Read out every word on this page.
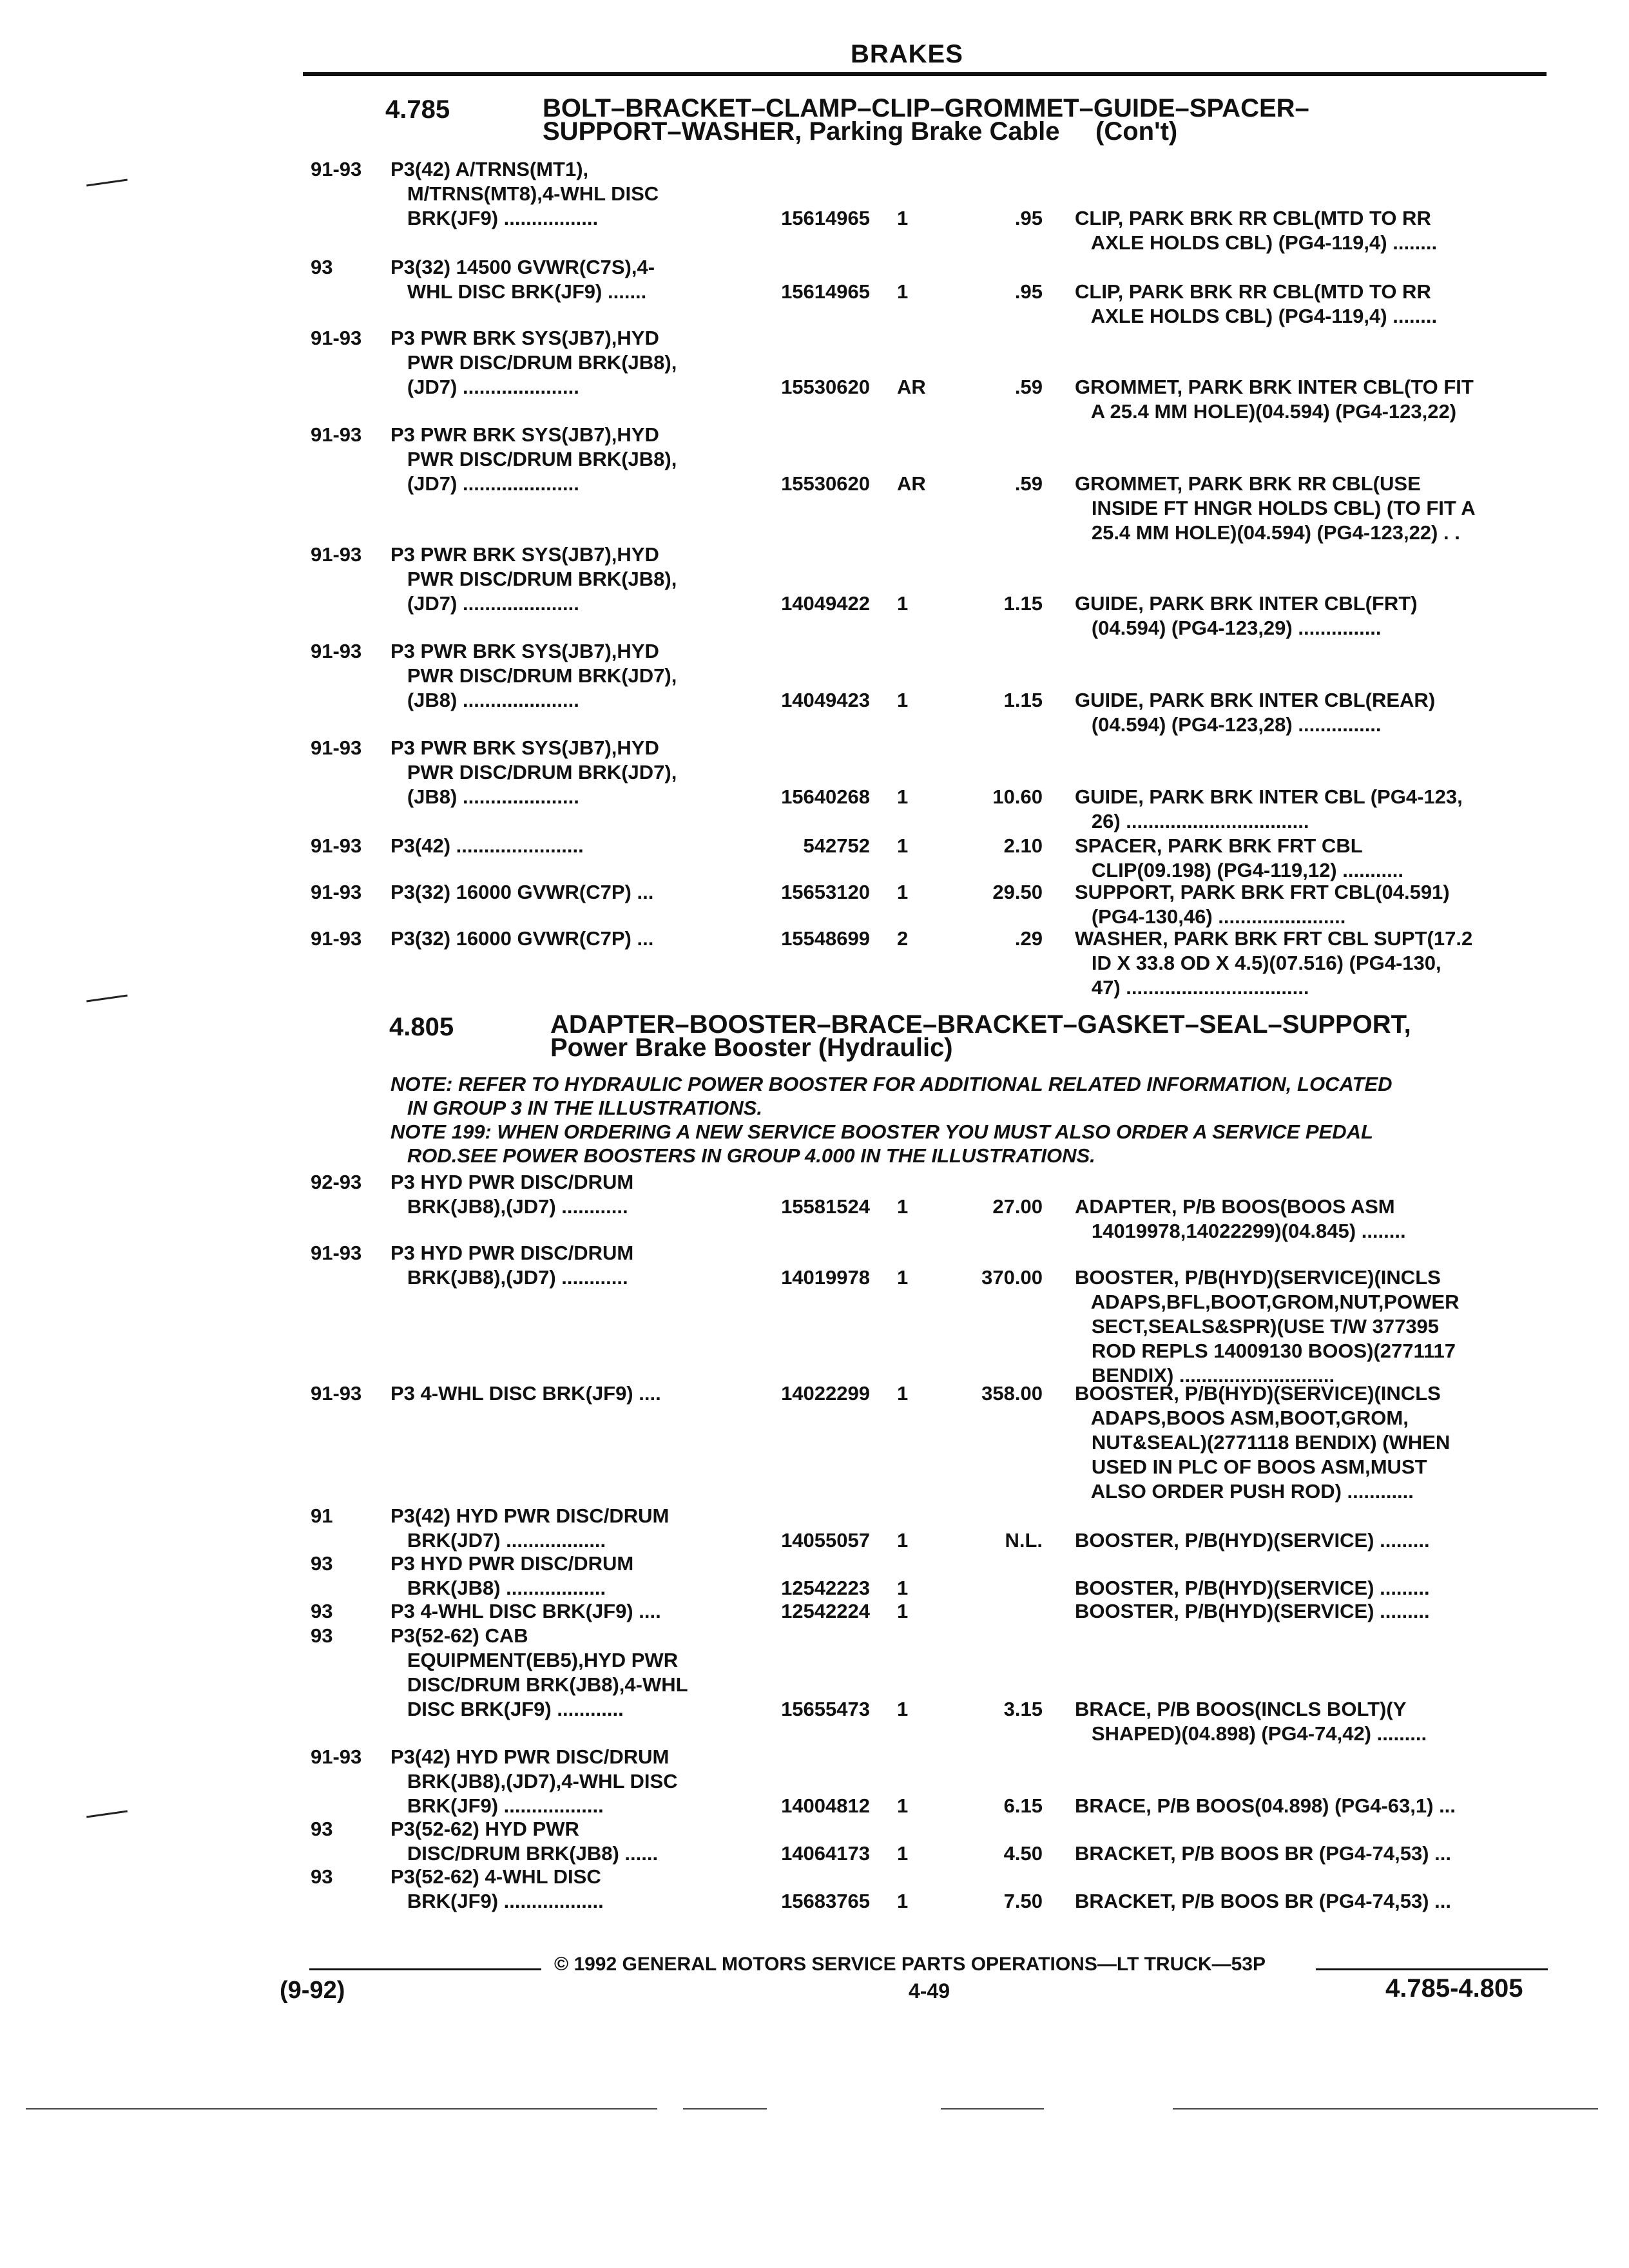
BRAKES
4.785	BOLT–BRACKET–CLAMP–CLIP–GROMMET–GUIDE–SPACER–
SUPPORT–WASHER, Parking Brake Cable     (Con't)
91-93 P3(42) A/TRNS(MT1),
M/TRNS(MT8),4-WHL DISC
BRK(JF9) .................	15614965 1	.95 CLIP, PARK BRK RR CBL(MTD TO RR
AXLE HOLDS CBL) (PG4-119,4) ........
93	P3(32) 14500 GVWR(C7S),4-
WHL DISC BRK(JF9) .......	15614965 1	.95 CLIP, PARK BRK RR CBL(MTD TO RR
AXLE HOLDS CBL) (PG4-119,4) ........
91-93 P3 PWR BRK SYS(JB7),HYD
PWR DISC/DRUM BRK(JB8),
(JD7) .....................	15530620 AR	.59 GROMMET, PARK BRK INTER CBL(TO FIT
A 25.4 MM HOLE)(04.594) (PG4-123,22)
91-93 P3 PWR BRK SYS(JB7),HYD
PWR DISC/DRUM BRK(JB8),
(JD7) .....................	15530620 AR	.59 GROMMET, PARK BRK RR CBL(USE
INSIDE FT HNGR HOLDS CBL) (TO FIT A
25.4 MM HOLE)(04.594) (PG4-123,22) . .
91-93 P3 PWR BRK SYS(JB7),HYD
PWR DISC/DRUM BRK(JB8),
(JD7) .....................	14049422 1	1.15 GUIDE, PARK BRK INTER CBL(FRT)
(04.594) (PG4-123,29) ...............
91-93 P3 PWR BRK SYS(JB7),HYD
PWR DISC/DRUM BRK(JD7),
(JB8) .....................	14049423 1	1.15 GUIDE, PARK BRK INTER CBL(REAR)
(04.594) (PG4-123,28) ...............
91-93 P3 PWR BRK SYS(JB7),HYD
PWR DISC/DRUM BRK(JD7),
(JB8) .....................	15640268 1	10.60 GUIDE, PARK BRK INTER CBL (PG4-123,
26) .................................
91-93 P3(42) .......................	542752 1	2.10 SPACER, PARK BRK FRT CBL
CLIP(09.198) (PG4-119,12) ...........
91-93 P3(32) 16000 GVWR(C7P) ...	15653120 1	29.50 SUPPORT, PARK BRK FRT CBL(04.591)
(PG4-130,46) .......................
91-93 P3(32) 16000 GVWR(C7P) ...	15548699 2	.29 WASHER, PARK BRK FRT CBL SUPT(17.2
ID X 33.8 OD X 4.5)(07.516) (PG4-130,
47) .................................
4.805	ADAPTER–BOOSTER–BRACE–BRACKET–GASKET–SEAL–SUPPORT,
Power Brake Booster (Hydraulic)
NOTE: REFER TO HYDRAULIC POWER BOOSTER FOR ADDITIONAL RELATED INFORMATION, LOCATED
IN GROUP 3 IN THE ILLUSTRATIONS.
NOTE 199: WHEN ORDERING A NEW SERVICE BOOSTER YOU MUST ALSO ORDER A SERVICE PEDAL
ROD.SEE POWER BOOSTERS IN GROUP 4.000 IN THE ILLUSTRATIONS.
92-93 P3 HYD PWR DISC/DRUM
BRK(JB8),(JD7) ............	15581524 1	27.00 ADAPTER, P/B BOOS(BOOS ASM
14019978,14022299)(04.845) ........
91-93 P3 HYD PWR DISC/DRUM
BRK(JB8),(JD7) ............	14019978 1	370.00 BOOSTER, P/B(HYD)(SERVICE)(INCLS
ADAPS,BFL,BOOT,GROM,NUT,POWER
SECT,SEALS&SPR)(USE T/W 377395
ROD REPLS 14009130 BOOS)(2771117
BENDIX) ............................
91-93 P3 4-WHL DISC BRK(JF9) ....	14022299 1	358.00 BOOSTER, P/B(HYD)(SERVICE)(INCLS
ADAPS,BOOS ASM,BOOT,GROM,
NUT&SEAL)(2771118 BENDIX) (WHEN
USED IN PLC OF BOOS ASM,MUST
ALSO ORDER PUSH ROD) ............
91	P3(42) HYD PWR DISC/DRUM
BRK(JD7) ..................	14055057 1	N.L. BOOSTER, P/B(HYD)(SERVICE) .........
93	P3 HYD PWR DISC/DRUM
BRK(JB8) ..................	12542223 1	BOOSTER, P/B(HYD)(SERVICE) .........
93	P3 4-WHL DISC BRK(JF9) ....	12542224 1	BOOSTER, P/B(HYD)(SERVICE) .........
93	P3(52-62) CAB
EQUIPMENT(EB5),HYD PWR
DISC/DRUM BRK(JB8),4-WHL
DISC BRK(JF9) ............	15655473 1	3.15 BRACE, P/B BOOS(INCLS BOLT)(Y
SHAPED)(04.898) (PG4-74,42) .........
91-93 P3(42) HYD PWR DISC/DRUM
BRK(JB8),(JD7),4-WHL DISC
BRK(JF9) ..................	14004812 1	6.15 BRACE, P/B BOOS(04.898) (PG4-63,1) ...
93	P3(52-62) HYD PWR
DISC/DRUM BRK(JB8) ......	14064173 1	4.50 BRACKET, P/B BOOS BR (PG4-74,53) ...
93	P3(52-62) 4-WHL DISC
BRK(JF9) ..................	15683765 1	7.50 BRACKET, P/B BOOS BR (PG4-74,53) ...
© 1992 GENERAL MOTORS SERVICE PARTS OPERATIONS—LT TRUCK—53P
(9-92)	4-49	4.785-4.805
